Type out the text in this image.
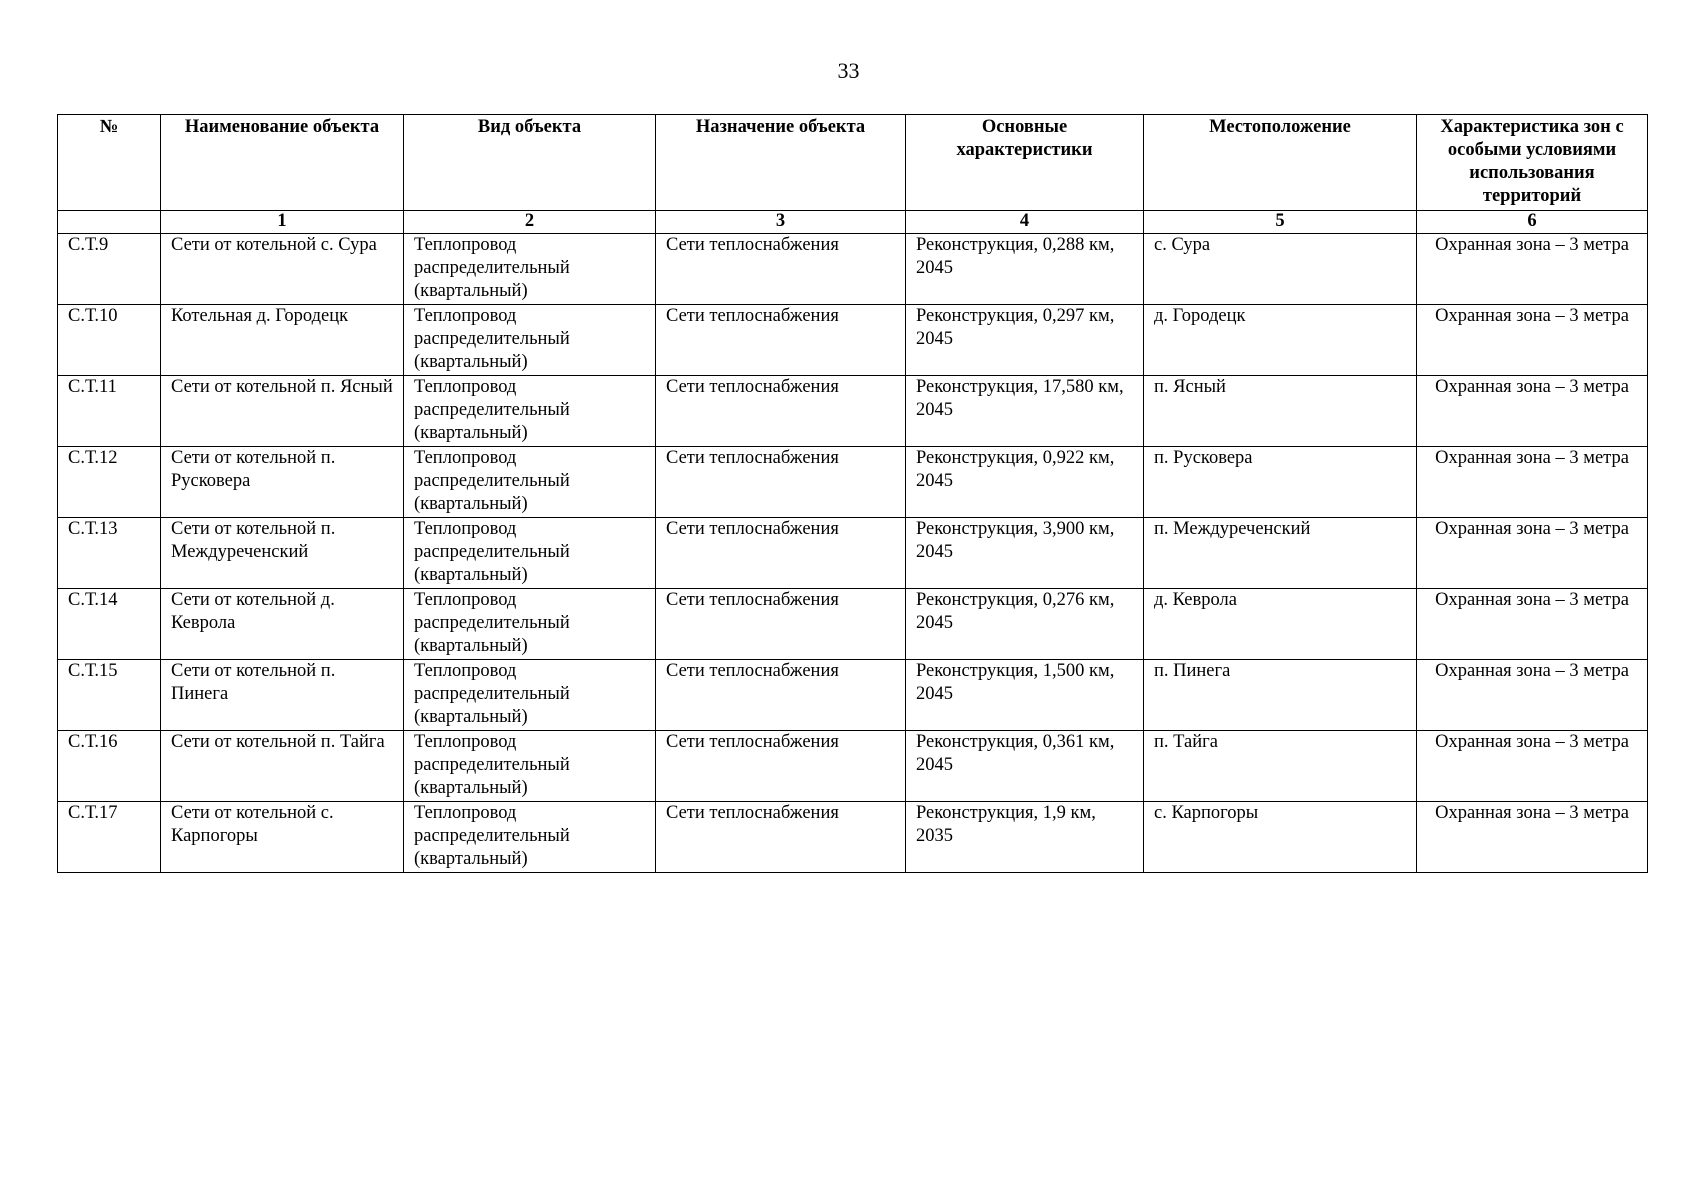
33
№	Наименование объекта	Вид объекта	Назначение объекта	Основные характеристики	Местоположение	Характеристика зон с особыми условиями использования территорий
	1	2	3	4	5	6
С.Т.9	Сети от котельной с. Сура	Теплопровод распределительный (квартальный)	Сети теплоснабжения	Реконструкция, 0,288 км, 2045	с. Сура	Охранная зона – 3 метра
С.Т.10	Котельная д. Городецк	Теплопровод распределительный (квартальный)	Сети теплоснабжения	Реконструкция, 0,297 км, 2045	д. Городецк	Охранная зона – 3 метра
С.Т.11	Сети от котельной п. Ясный	Теплопровод распределительный (квартальный)	Сети теплоснабжения	Реконструкция, 17,580 км, 2045	п. Ясный	Охранная зона – 3 метра
С.Т.12	Сети от котельной п. Русковера	Теплопровод распределительный (квартальный)	Сети теплоснабжения	Реконструкция, 0,922 км, 2045	п. Русковера	Охранная зона – 3 метра
С.Т.13	Сети от котельной п. Междуреченский	Теплопровод распределительный (квартальный)	Сети теплоснабжения	Реконструкция, 3,900 км, 2045	п. Междуреченский	Охранная зона – 3 метра
С.Т.14	Сети от котельной д. Кеврола	Теплопровод распределительный (квартальный)	Сети теплоснабжения	Реконструкция, 0,276 км, 2045	д. Кеврола	Охранная зона – 3 метра
С.Т.15	Сети от котельной п. Пинега	Теплопровод распределительный (квартальный)	Сети теплоснабжения	Реконструкция, 1,500 км, 2045	п. Пинега	Охранная зона – 3 метра
С.Т.16	Сети от котельной п. Тайга	Теплопровод распределительный (квартальный)	Сети теплоснабжения	Реконструкция, 0,361 км, 2045	п. Тайга	Охранная зона – 3 метра
С.Т.17	Сети от котельной с. Карпогоры	Теплопровод распределительный (квартальный)	Сети теплоснабжения	Реконструкция, 1,9 км, 2035	с. Карпогоры	Охранная зона – 3 метра
